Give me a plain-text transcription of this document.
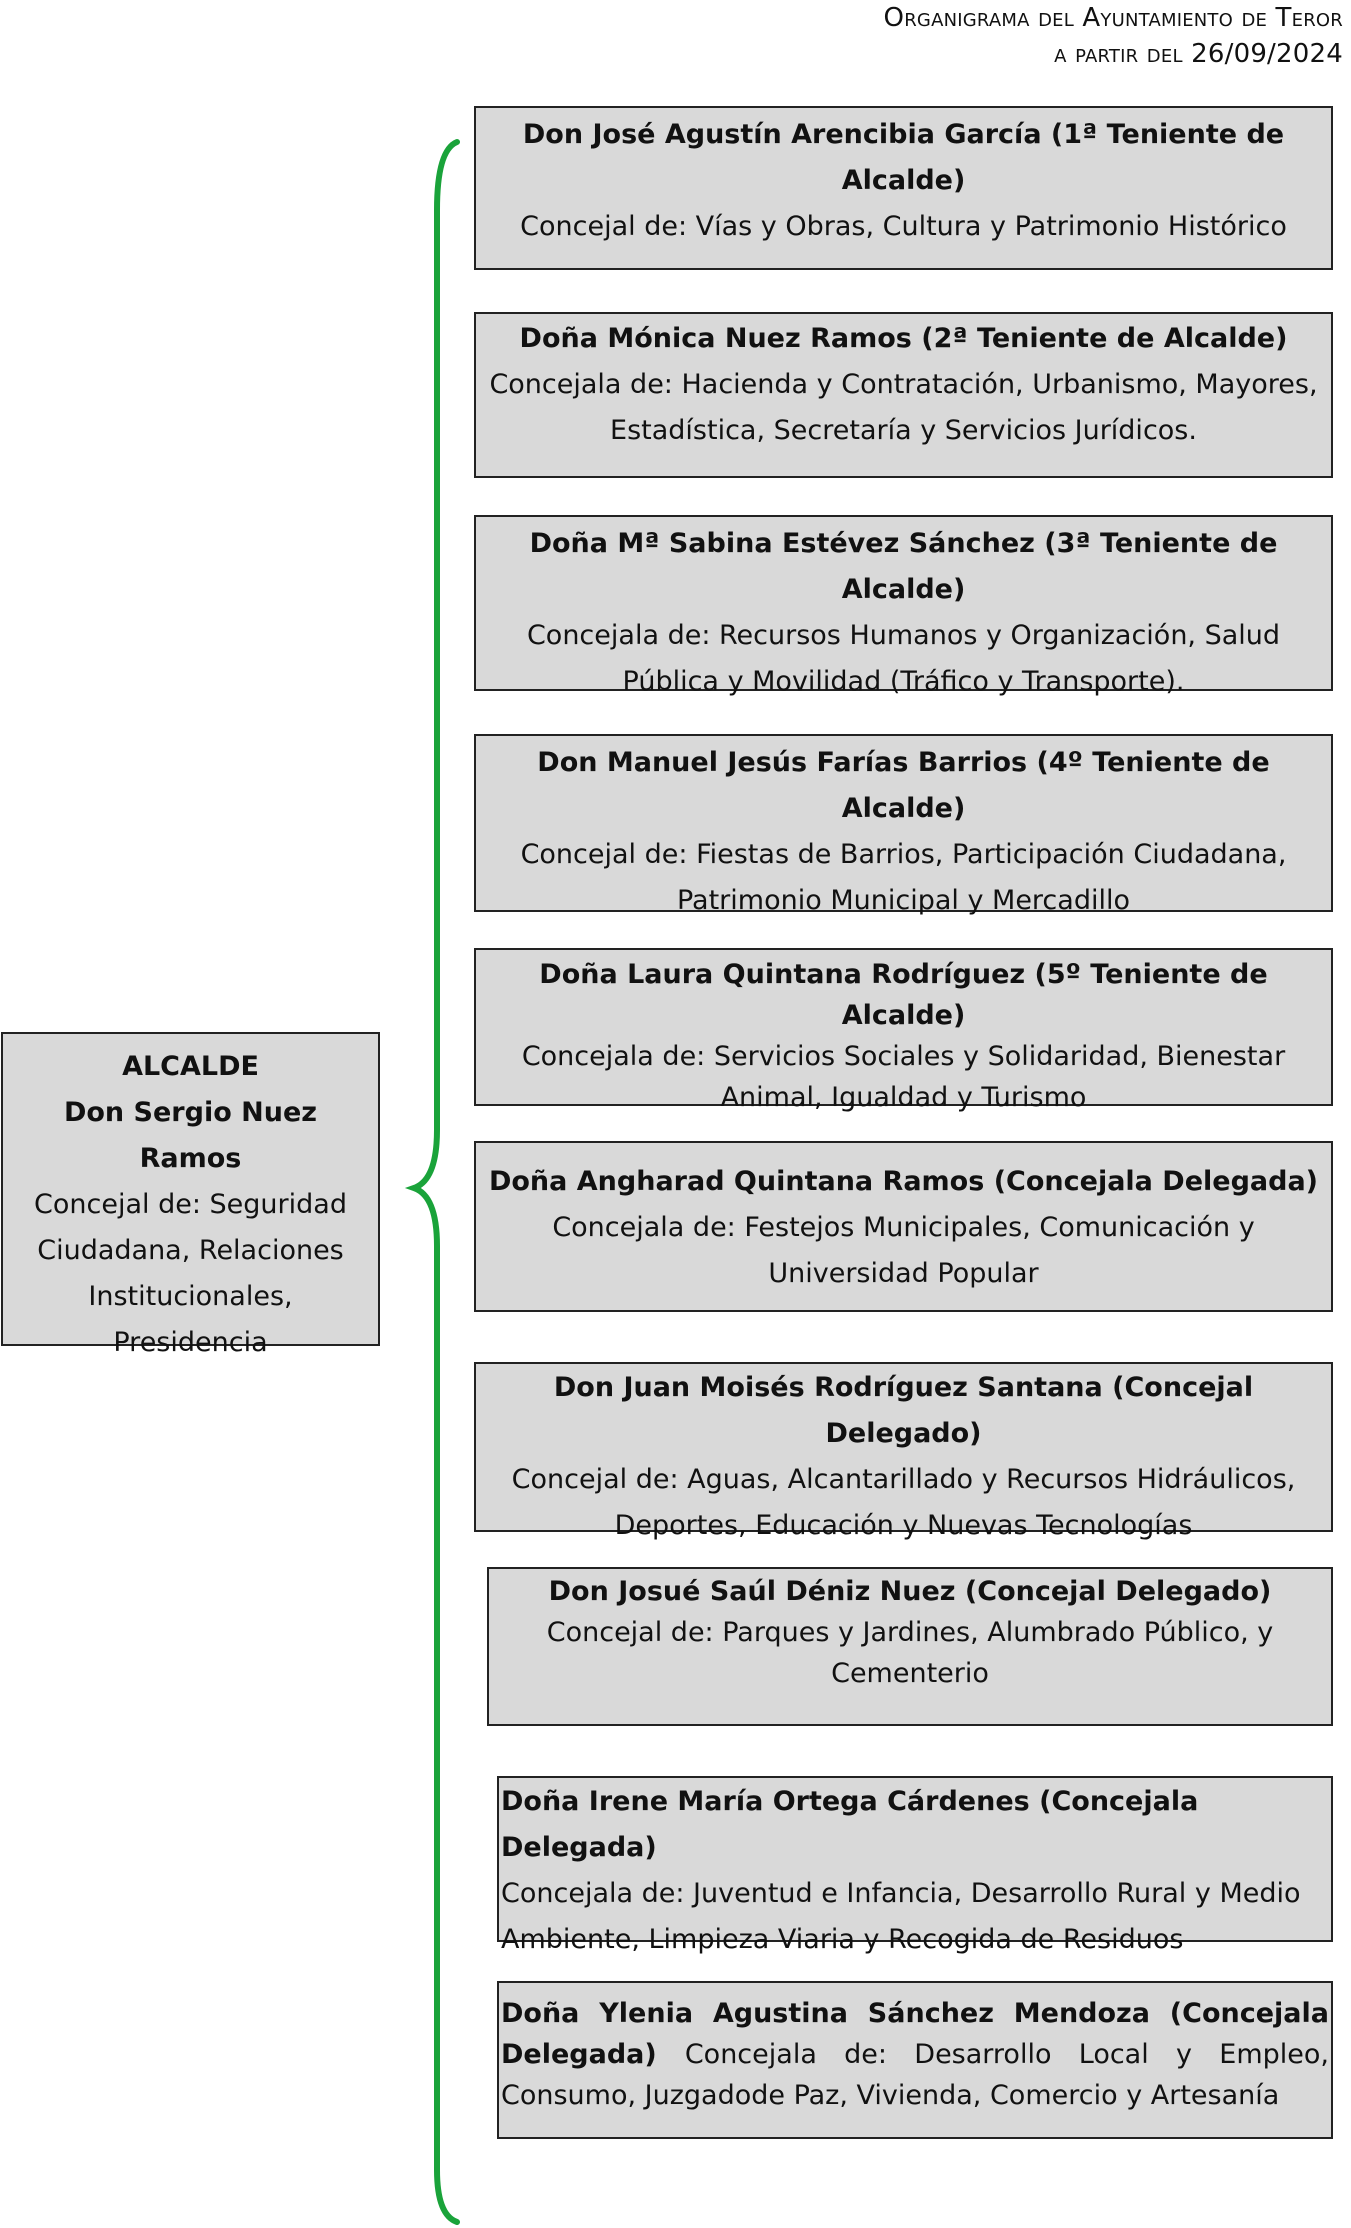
Organigrama del Ayuntamiento de Teror
a partir del 26/09/2024
ALCALDE
Don Sergio Nuez Ramos
Concejal de: Seguridad Ciudadana, Relaciones Institucionales, Presidencia
Don José Agustín Arencibia García (1ª Teniente de Alcalde)
Concejal de: Vías y Obras, Cultura y Patrimonio Histórico
Doña Mónica Nuez Ramos (2ª Teniente de Alcalde)
Concejala de: Hacienda y Contratación, Urbanismo, Mayores, Estadística, Secretaría y Servicios Jurídicos.
Doña Mª Sabina Estévez Sánchez (3ª Teniente de Alcalde)
Concejala de: Recursos Humanos y Organización, Salud Pública y Movilidad (Tráfico y Transporte).
Don Manuel Jesús Farías Barrios (4º Teniente de Alcalde)
Concejal de: Fiestas de Barrios, Participación Ciudadana, Patrimonio Municipal y Mercadillo
Doña Laura Quintana Rodríguez (5º Teniente de Alcalde)
Concejala de: Servicios Sociales y Solidaridad, Bienestar Animal, Igualdad y Turismo
Doña Angharad Quintana Ramos (Concejala Delegada)
Concejala de: Festejos Municipales, Comunicación y Universidad Popular
Don Juan Moisés Rodríguez Santana (Concejal Delegado)
Concejal de: Aguas, Alcantarillado y Recursos Hidráulicos, Deportes, Educación y Nuevas Tecnologías
Don Josué Saúl Déniz Nuez (Concejal Delegado)
Concejal de: Parques y Jardines, Alumbrado Público, y Cementerio
Doña Irene María Ortega Cárdenes (Concejala Delegada)
Concejala de: Juventud e Infancia, Desarrollo Rural y Medio Ambiente, Limpieza Viaria y Recogida de Residuos
Doña Ylenia Agustina Sánchez Mendoza (Concejala Delegada) Concejala de: Desarrollo Local y Empleo, Consumo, Juzgadode Paz, Vivienda, Comercio y Artesanía
